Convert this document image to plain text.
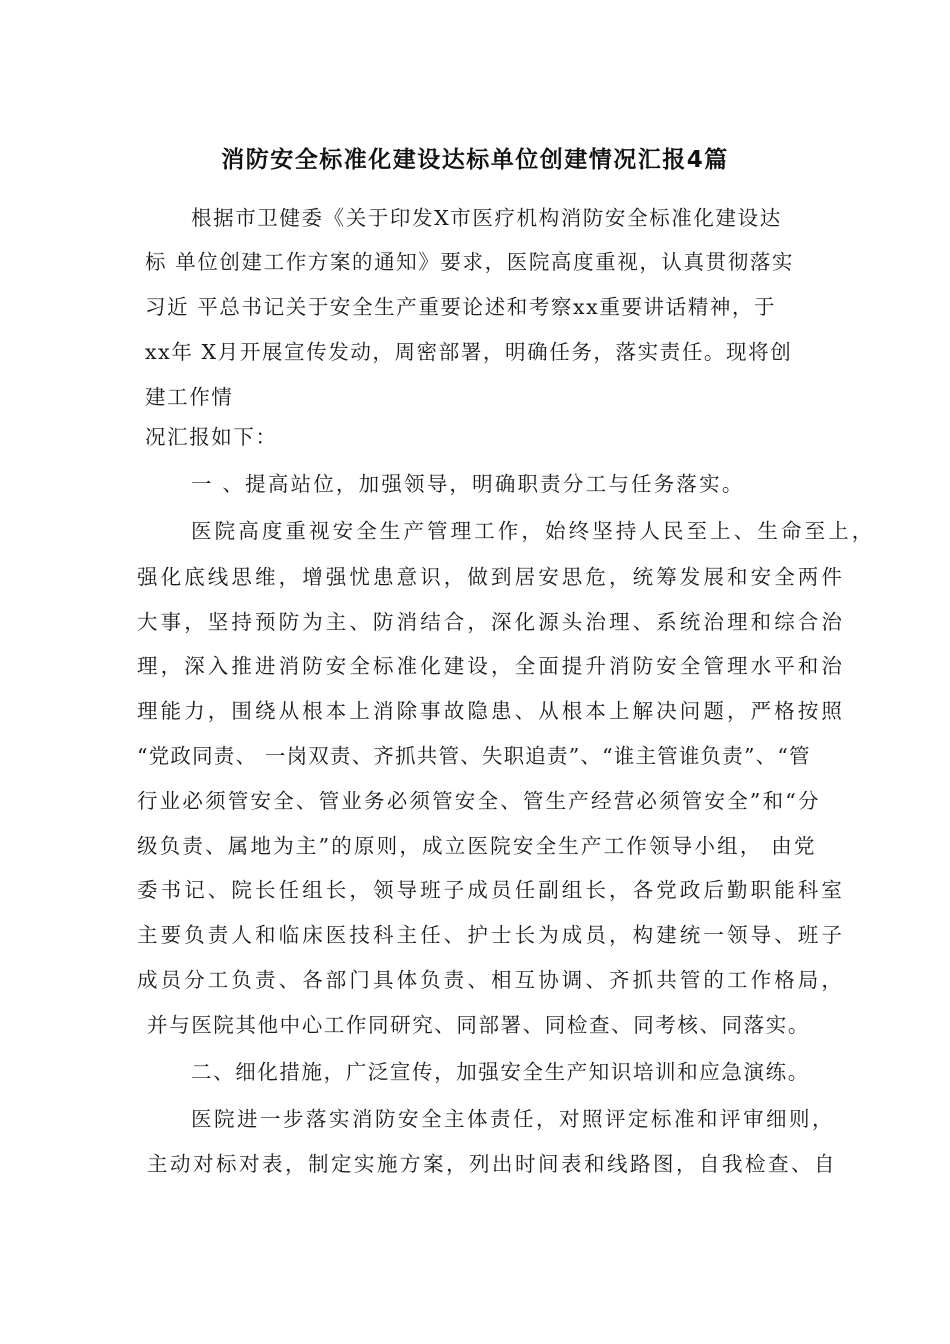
消防安全标准化建设达标单位创建情况汇报4篇
根据市卫健委《关于印发X市医疗机构消防安全标准化建设达
标 单位创建工作方案的通知》要求，医院高度重视，认真贯彻落实
习近 平总书记关于安全生产重要论述和考察xx重要讲话精神，于
xx年 X月开展宣传发动，周密部署，明确任务，落实责任。现将创
建工作情
况汇报如下：
一 、提高站位，加强领导，明确职责分工与任务落实。
医院高度重视安全生产管理工作，始终坚持人民至上、生命至上，
强化底线思维，增强忧患意识，做到居安思危，统筹发展和安全两件
大事，坚持预防为主、防消结合，深化源头治理、系统治理和综合治
理，深入推进消防安全标准化建设，全面提升消防安全管理水平和治
理能力，围绕从根本上消除事故隐患、从根本上解决问题，严格按照
“党政同责、 一岗双责、齐抓共管、失职追责”、“谁主管谁负责”、“管
行业必须管安全、管业务必须管安全、管生产经营必须管安全”和“分
级负责、属地为主”的原则，成立医院安全生产工作领导小组， 由党
委书记、院长任组长，领导班子成员任副组长，各党政后勤职能科室
主要负责人和临床医技科主任、护士长为成员，构建统一领导、班子
成员分工负责、各部门具体负责、相互协调、齐抓共管的工作格局，
并与医院其他中心工作同研究、同部署、同检查、同考核、同落实。
二、细化措施，广泛宣传，加强安全生产知识培训和应急演练。
医院进一步落实消防安全主体责任，对照评定标准和评审细则，
主动对标对表，制定实施方案，列出时间表和线路图，自我检查、自
